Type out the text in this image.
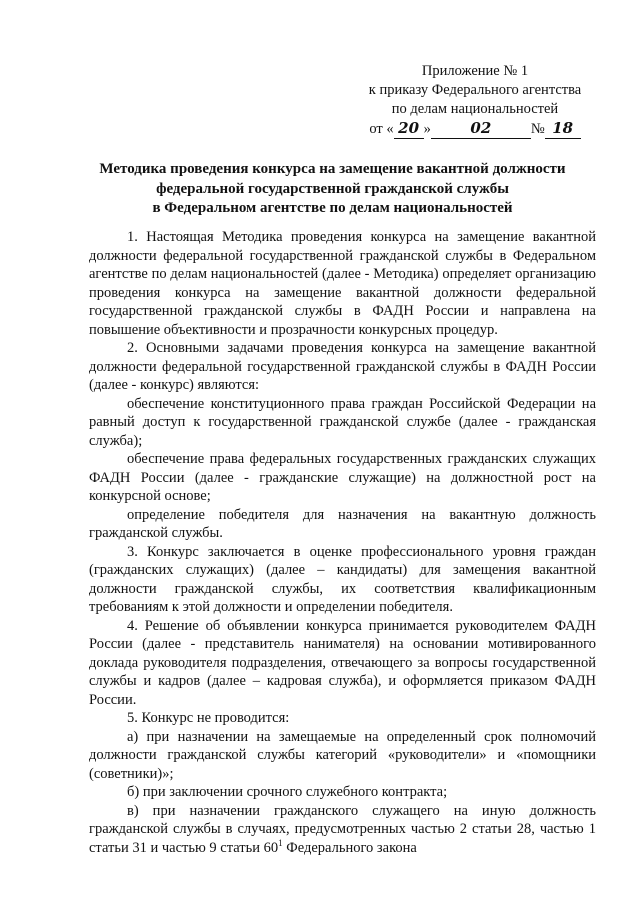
Приложение № 1
к приказу Федерального агентства
по делам национальностей
от « 20 »	02	№ 18
Методика проведения конкурса на замещение вакантной должности
федеральной государственной гражданской службы
в Федеральном агентстве по делам национальностей

1. Настоящая Методика проведения конкурса на замещение вакантной должности федеральной государственной гражданской службы в Федеральном агентстве по делам национальностей (далее - Методика) определяет организацию проведения конкурса на замещение вакантной должности федеральной государственной гражданской службы в ФАДН России и направлена на повышение объективности и прозрачности конкурсных процедур.

2. Основными задачами проведения конкурса на замещение вакантной должности федеральной государственной гражданской службы в ФАДН России (далее - конкурс) являются:

обеспечение конституционного права граждан Российской Федерации на равный доступ к государственной гражданской службе (далее - гражданская служба);

обеспечение права федеральных государственных гражданских служащих ФАДН России (далее - гражданские служащие) на должностной рост на конкурсной основе;

определение победителя для назначения на вакантную должность гражданской службы.

3. Конкурс заключается в оценке профессионального уровня граждан (гражданских служащих) (далее – кандидаты) для замещения вакантной должности гражданской службы, их соответствия квалификационным требованиям к этой должности и определении победителя.

4. Решение об объявлении конкурса принимается руководителем ФАДН России (далее - представитель нанимателя) на основании мотивированного доклада руководителя подразделения, отвечающего за вопросы государственной службы и кадров (далее – кадровая служба), и оформляется приказом ФАДН России.

5. Конкурс не проводится:

а) при назначении на замещаемые на определенный срок полномочий должности гражданской службы категорий «руководители» и «помощники (советники)»;

б) при заключении срочного служебного контракта;

в) при назначении гражданского служащего на иную должность гражданской службы в случаях, предусмотренных частью 2 статьи 28, частью 1 статьи 31 и частью 9 статьи $60^1$ Федерального закона
